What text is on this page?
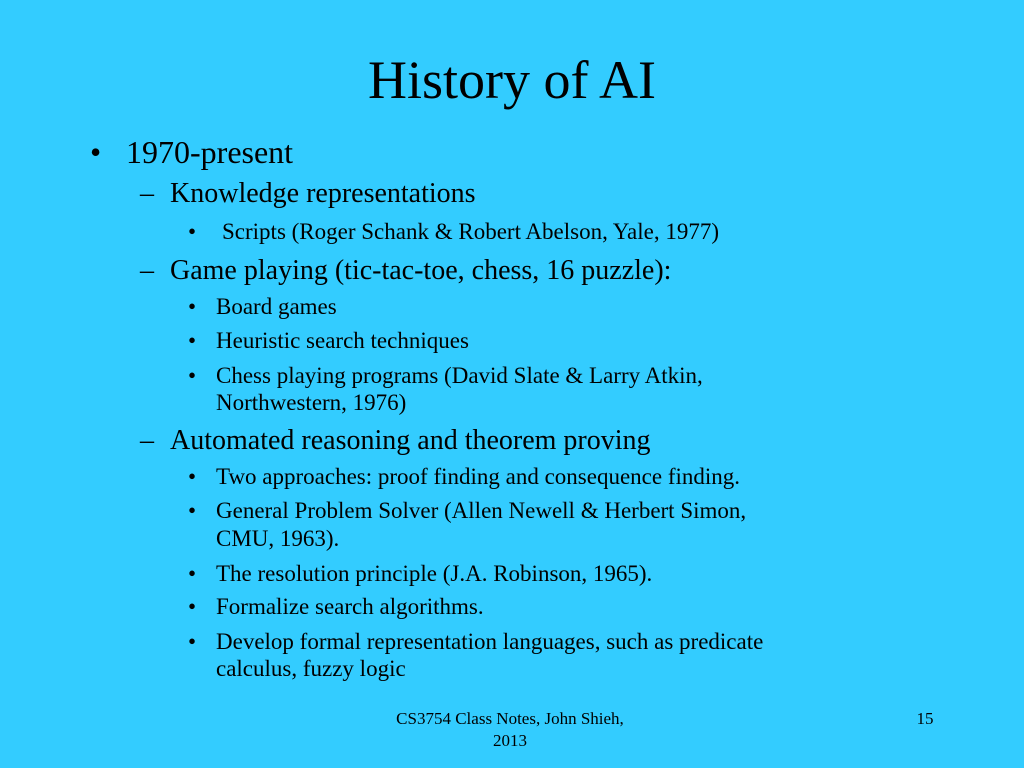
History of AI
• 1970-present
– Knowledge representations
• Scripts (Roger Schank & Robert Abelson, Yale, 1977)
– Game playing (tic-tac-toe, chess, 16 puzzle):
• Board games
• Heuristic search techniques
• Chess playing programs (David Slate & Larry Atkin,
Northwestern, 1976)
– Automated reasoning and theorem proving
• Two approaches: proof finding and consequence finding.
• General Problem Solver (Allen Newell & Herbert Simon,
CMU, 1963).
• The resolution principle (J.A. Robinson, 1965).
• Formalize search algorithms.
• Develop formal representation languages, such as predicate
calculus, fuzzy logic
CS3754 Class Notes, John Shieh,
2013
15
